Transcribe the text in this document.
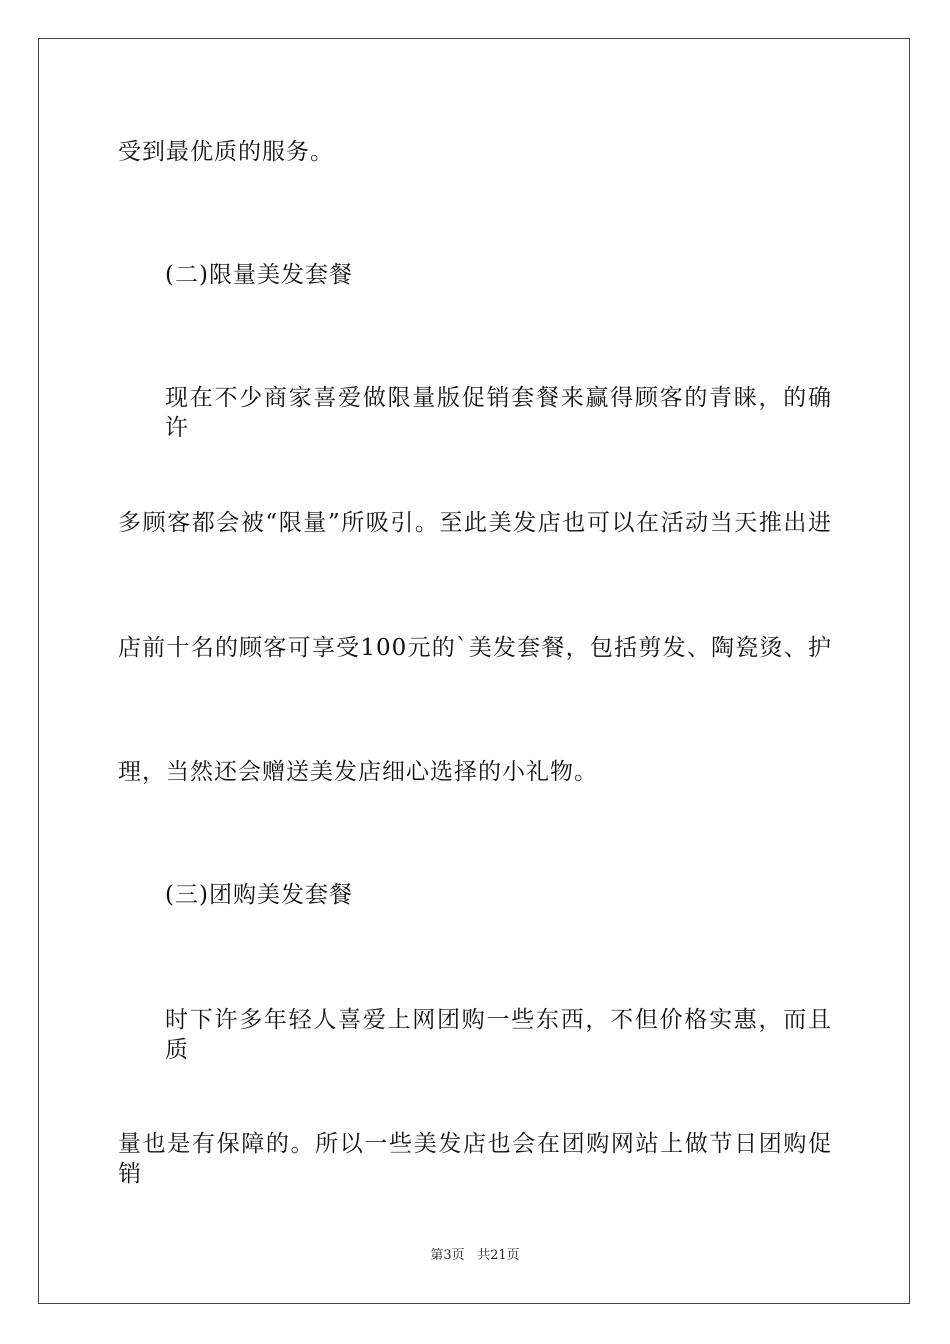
受到最优质的服务。
(二)限量美发套餐
现在不少商家喜爱做限量版促销套餐来赢得顾客的青睐，的确许
多顾客都会被“限量”所吸引。至此美发店也可以在活动当天推出进
店前十名的顾客可享受100元的`美发套餐，包括剪发、陶瓷烫、护
理，当然还会赠送美发店细心选择的小礼物。
(三)团购美发套餐
时下许多年轻人喜爱上网团购一些东西，不但价格实惠，而且质
量也是有保障的。所以一些美发店也会在团购网站上做节日团购促销
第3页 共21页
